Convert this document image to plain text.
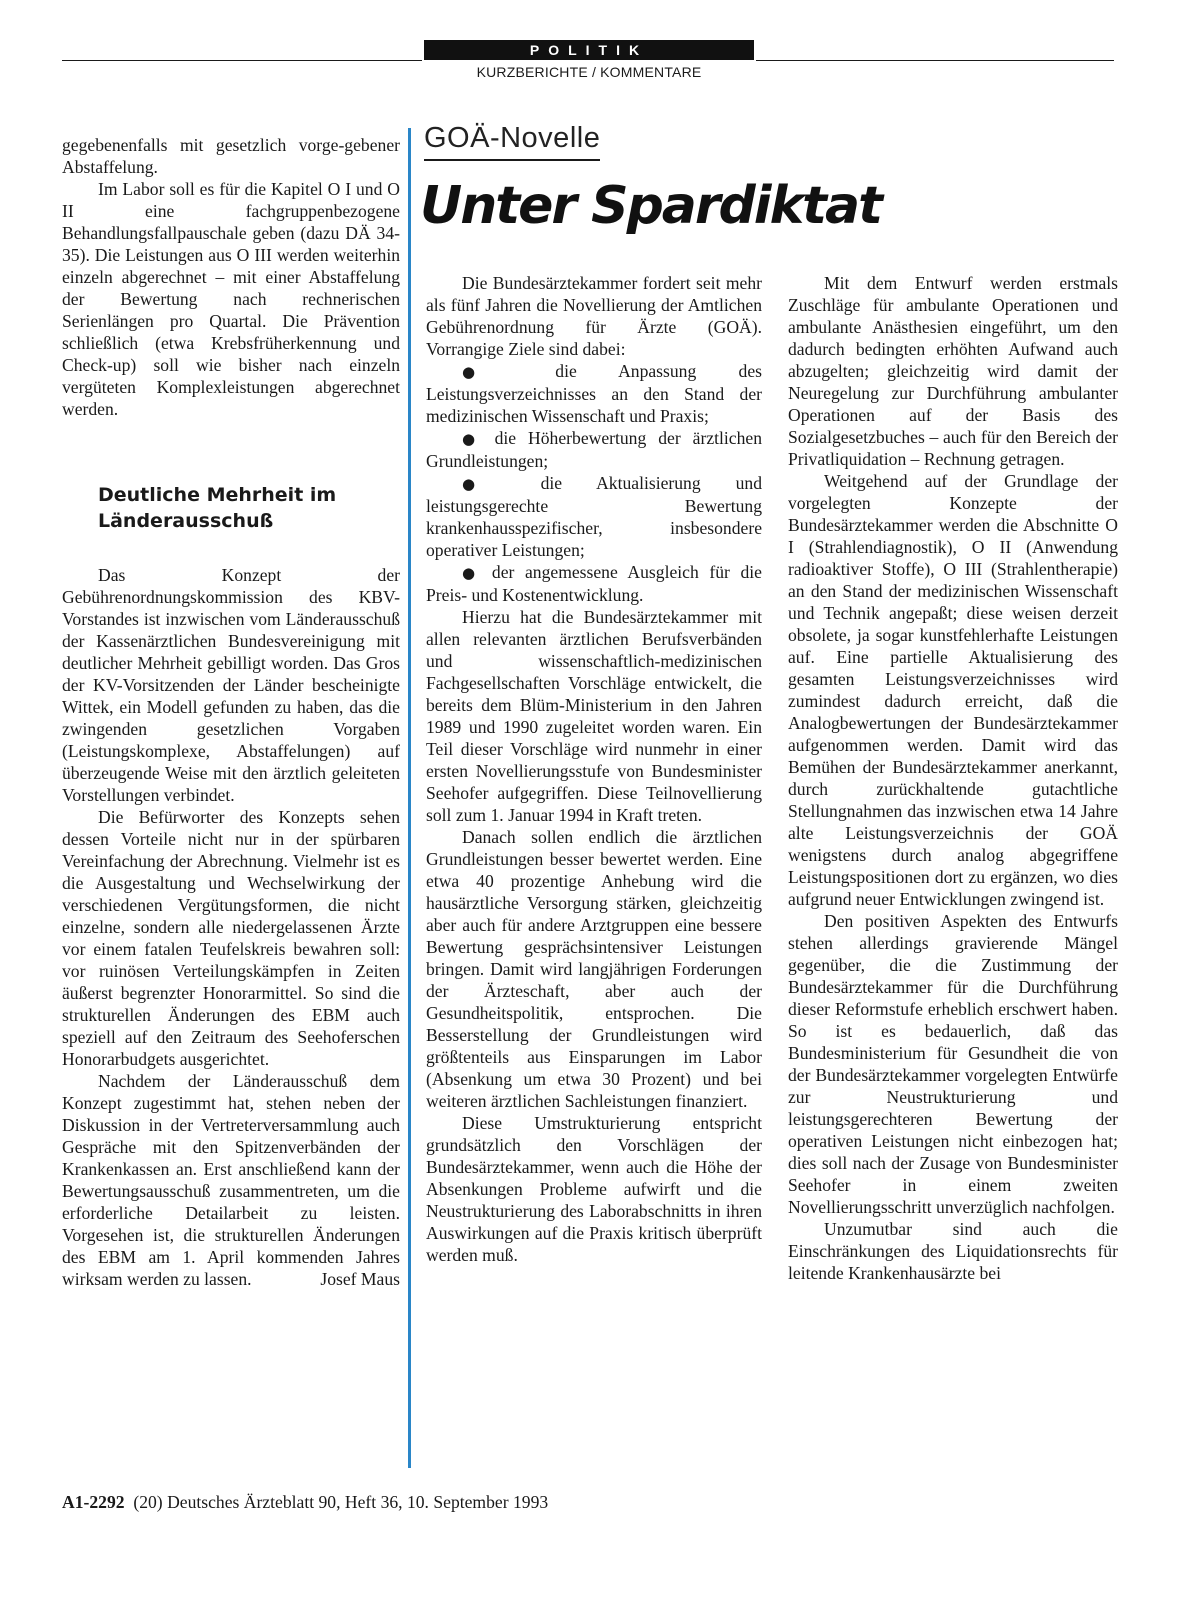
POLITIK
KURZBERICHTE / KOMMENTARE

gegebenenfalls mit gesetzlich vorge-gebener Abstaffelung.

Im Labor soll es für die Kapitel O I und O II eine fachgruppenbezogene Behandlungsfallpauschale geben (dazu DÄ 34-35). Die Leistungen aus O III werden weiterhin einzeln abgerechnet – mit einer Abstaffelung der Bewertung nach rechnerischen Serienlängen pro Quartal. Die Prävention schließlich (etwa Krebsfrüherkennung und Check-up) soll wie bisher nach einzeln vergüteten Komplexleistungen abgerechnet werden.

Deutliche Mehrheit im Länderausschuß

Das Konzept der Gebührenordnungskommission des KBV-Vorstandes ist inzwischen vom Länderausschuß der Kassenärztlichen Bundesvereinigung mit deutlicher Mehrheit gebilligt worden. Das Gros der KV-Vorsitzenden der Länder bescheinigte Wittek, ein Modell gefunden zu haben, das die zwingenden gesetzlichen Vorgaben (Leistungskomplexe, Abstaffelungen) auf überzeugende Weise mit den ärztlich geleiteten Vorstellungen verbindet.

Die Befürworter des Konzepts sehen dessen Vorteile nicht nur in der spürbaren Vereinfachung der Abrechnung. Vielmehr ist es die Ausgestaltung und Wechselwirkung der verschiedenen Vergütungsformen, die nicht einzelne, sondern alle niedergelassenen Ärzte vor einem fatalen Teufelskreis bewahren soll: vor ruinösen Verteilungskämpfen in Zeiten äußerst begrenzter Honorarmittel. So sind die strukturellen Änderungen des EBM auch speziell auf den Zeitraum des Seehoferschen Honorarbudgets ausgerichtet.

Nachdem der Länderausschuß dem Konzept zugestimmt hat, stehen neben der Diskussion in der Vertreterversammlung auch Gespräche mit den Spitzenverbänden der Krankenkassen an. Erst anschließend kann der Bewertungsausschuß zusammentreten, um die erforderliche Detailarbeit zu leisten. Vorgesehen ist, die strukturellen Änderungen des EBM am 1. April kommenden Jahres wirksam werden zu lassen.	Josef Maus

GOÄ-Novelle
Unter Spardiktat

Die Bundesärztekammer fordert seit mehr als fünf Jahren die Novellierung der Amtlichen Gebührenordnung für Ärzte (GOÄ). Vorrangige Ziele sind dabei:

● die Anpassung des Leistungsverzeichnisses an den Stand der medizinischen Wissenschaft und Praxis;

● die Höherbewertung der ärztlichen Grundleistungen;

● die Aktualisierung und leistungsgerechte Bewertung krankenhausspezifischer, insbesondere operativer Leistungen;

● der angemessene Ausgleich für die Preis- und Kostenentwicklung.

Hierzu hat die Bundesärztekammer mit allen relevanten ärztlichen Berufsverbänden und wissenschaftlich-medizinischen Fachgesellschaften Vorschläge entwickelt, die bereits dem Blüm-Ministerium in den Jahren 1989 und 1990 zugeleitet worden waren. Ein Teil dieser Vorschläge wird nunmehr in einer ersten Novellierungsstufe von Bundesminister Seehofer aufgegriffen. Diese Teilnovellierung soll zum 1. Januar 1994 in Kraft treten.

Danach sollen endlich die ärztlichen Grundleistungen besser bewertet werden. Eine etwa 40 prozentige Anhebung wird die hausärztliche Versorgung stärken, gleichzeitig aber auch für andere Arztgruppen eine bessere Bewertung gesprächsintensiver Leistungen bringen. Damit wird langjährigen Forderungen der Ärzteschaft, aber auch der Gesundheitspolitik, entsprochen. Die Besserstellung der Grundleistungen wird größtenteils aus Einsparungen im Labor (Absenkung um etwa 30 Prozent) und bei weiteren ärztlichen Sachleistungen finanziert.

Diese Umstrukturierung entspricht grundsätzlich den Vorschlägen der Bundesärztekammer, wenn auch die Höhe der Absenkungen Probleme aufwirft und die Neustrukturierung des Laborabschnitts in ihren Auswirkungen auf die Praxis kritisch überprüft werden muß.

Mit dem Entwurf werden erstmals Zuschläge für ambulante Operationen und ambulante Anästhesien eingeführt, um den dadurch bedingten erhöhten Aufwand auch abzugelten; gleichzeitig wird damit der Neuregelung zur Durchführung ambulanter Operationen auf der Basis des Sozialgesetzbuches – auch für den Bereich der Privatliquidation – Rechnung getragen.

Weitgehend auf der Grundlage der vorgelegten Konzepte der Bundesärztekammer werden die Abschnitte O I (Strahlendiagnostik), O II (Anwendung radioaktiver Stoffe), O III (Strahlentherapie) an den Stand der medizinischen Wissenschaft und Technik angepaßt; diese weisen derzeit obsolete, ja sogar kunstfehlerhafte Leistungen auf. Eine partielle Aktualisierung des gesamten Leistungsverzeichnisses wird zumindest dadurch erreicht, daß die Analogbewertungen der Bundesärztekammer aufgenommen werden. Damit wird das Bemühen der Bundesärztekammer anerkannt, durch zurückhaltende gutachtliche Stellungnahmen das inzwischen etwa 14 Jahre alte Leistungsverzeichnis der GOÄ wenigstens durch analog abgegriffene Leistungspositionen dort zu ergänzen, wo dies aufgrund neuer Entwicklungen zwingend ist.

Den positiven Aspekten des Entwurfs stehen allerdings gravierende Mängel gegenüber, die die Zustimmung der Bundesärztekammer für die Durchführung dieser Reformstufe erheblich erschwert haben. So ist es bedauerlich, daß das Bundesministerium für Gesundheit die von der Bundesärztekammer vorgelegten Entwürfe zur Neustrukturierung und leistungsgerechteren Bewertung der operativen Leistungen nicht einbezogen hat; dies soll nach der Zusage von Bundesminister Seehofer in einem zweiten Novellierungsschritt unverzüglich nachfolgen.

Unzumutbar sind auch die Einschränkungen des Liquidationsrechts für leitende Krankenhausärzte bei

A1-2292 (20) Deutsches Ärzteblatt 90, Heft 36, 10. September 1993
